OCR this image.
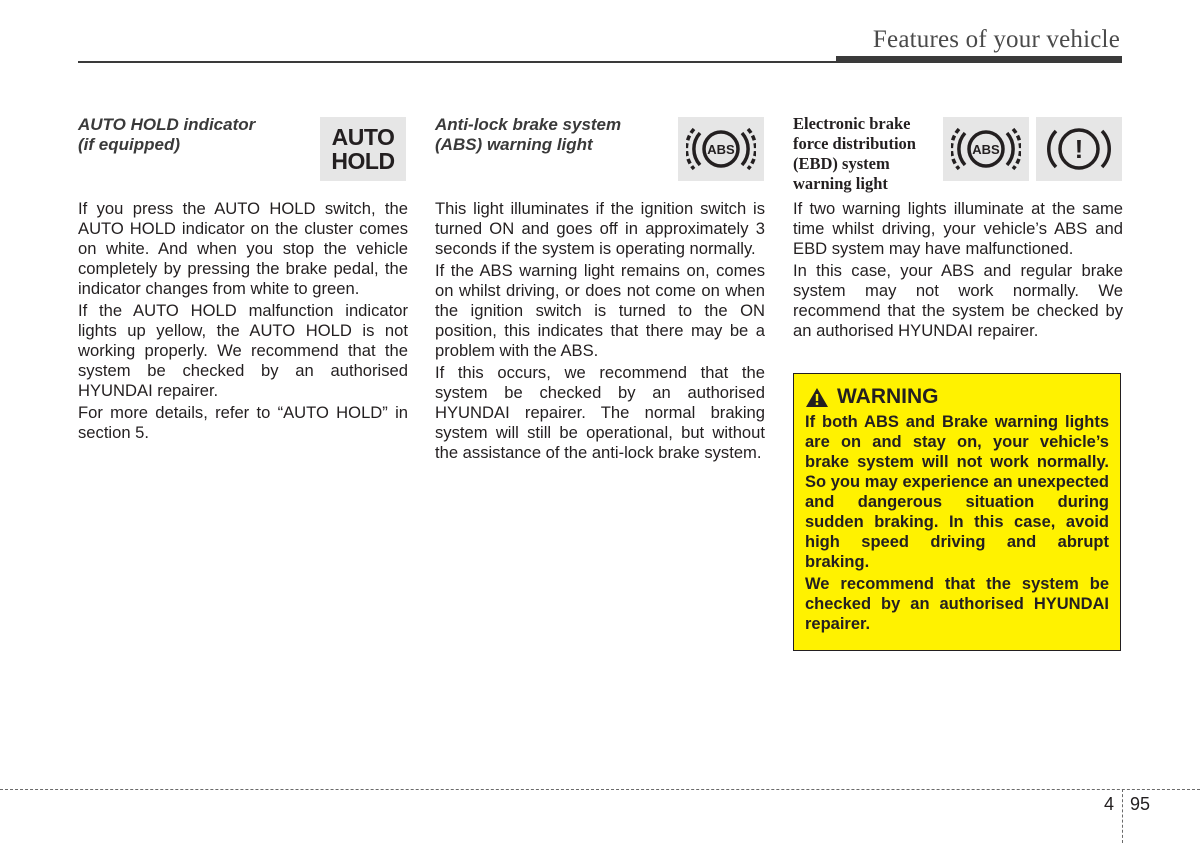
Features of your vehicle
AUTO HOLD indicator
(if equipped)	AUTO
HOLD

If you press the AUTO HOLD switch, the AUTO HOLD indicator on the cluster comes on white. And when you stop the vehicle completely by pressing the brake pedal, the indicator changes from white to green.

If the AUTO HOLD malfunction indicator lights up yellow, the AUTO HOLD is not working properly. We recommend that the system be checked by an authorised HYUNDAI repairer.

For more details, refer to “AUTO HOLD” in section 5.

Anti-lock brake system
(ABS) warning light	ABS

This light illuminates if the ignition switch is turned ON and goes off in approximately 3 seconds if the system is operating normally.

If the ABS warning light remains on, comes on whilst driving, or does not come on when the ignition switch is turned to the ON position, this indicates that there may be a problem with the ABS.

If this occurs, we recommend that the system be checked by an authorised HYUNDAI repairer. The normal braking system will still be operational, but without the assistance of the anti-lock brake system.

Electronic brake
force distribution
(EBD) system
warning light
ABS	!

If two warning lights illuminate at the same time whilst driving, your vehicle’s ABS and EBD system may have malfunctioned.

In this case, your ABS and regular brake system may not work normally. We recommend that the system be checked by an authorised HYUNDAI repairer.

WARNING

If both ABS and Brake warning lights are on and stay on, your vehicle’s brake system will not work normally. So you may experience an unexpected and dangerous situation during sudden braking. In this case, avoid high speed driving and abrupt braking.

We recommend that the system be checked by an authorised HYUNDAI repairer.

4 95
